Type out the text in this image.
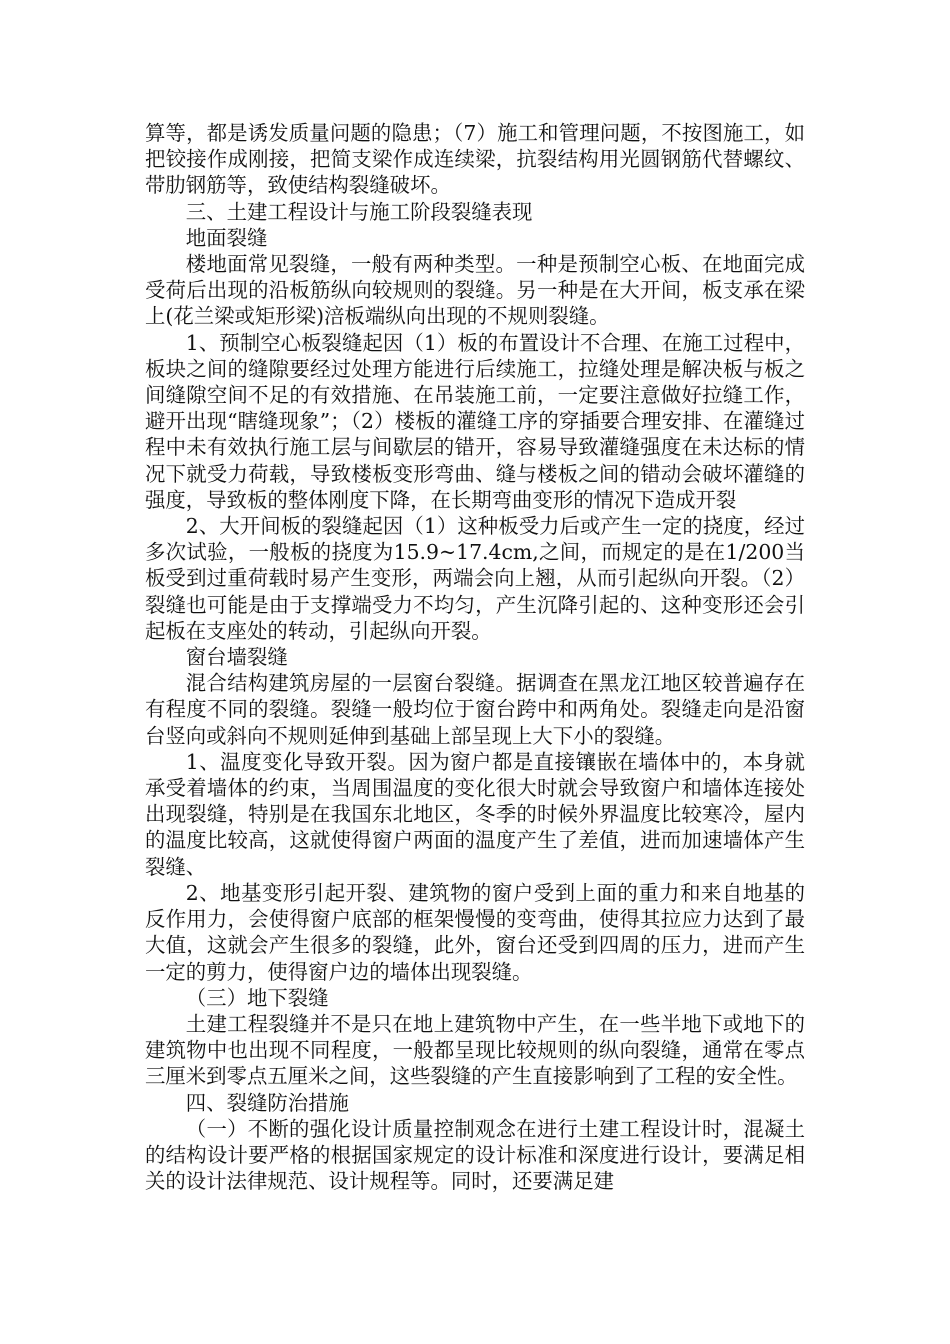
算等，都是诱发质量问题的隐患；（7）施工和管理问题，不按图施工，如把铰接作成刚接，把简支梁作成连续梁，抗裂结构用光圆钢筋代替螺纹、带肋钢筋等，致使结构裂缝破坏。

三、土建工程设计与施工阶段裂缝表现

地面裂缝

楼地面常见裂缝，一般有两种类型。一种是预制空心板、在地面完成受荷后出现的沿板筋纵向较规则的裂缝。另一种是在大开间，板支承在梁上(花兰梁或矩形梁)涪板端纵向出现的不规则裂缝。

1、预制空心板裂缝起因（1）板的布置设计不合理、在施工过程中，板块之间的缝隙要经过处理方能进行后续施工，拉缝处理是解决板与板之间缝隙空间不足的有效措施、在吊装施工前，一定要注意做好拉缝工作，避开出现“瞎缝现象”；（2）楼板的灌缝工序的穿插要合理安排、在灌缝过程中未有效执行施工层与间歇层的错开，容易导致灌缝强度在未达标的情况下就受力荷载，导致楼板变形弯曲、缝与楼板之间的错动会破坏灌缝的强度，导致板的整体刚度下降，在长期弯曲变形的情况下造成开裂

2、大开间板的裂缝起因（1）这种板受力后或产生一定的挠度，经过多次试验，一般板的挠度为15.9~17.4cm,之间，而规定的是在1/200当板受到过重荷载时易产生变形，两端会向上翘，从而引起纵向开裂。（2）裂缝也可能是由于支撑端受力不均匀，产生沉降引起的、这种变形还会引起板在支座处的转动，引起纵向开裂。

窗台墙裂缝

混合结构建筑房屋的一层窗台裂缝。据调查在黑龙江地区较普遍存在有程度不同的裂缝。裂缝一般均位于窗台跨中和两角处。裂缝走向是沿窗台竖向或斜向不规则延伸到基础上部呈现上大下小的裂缝。

1、温度变化导致开裂。因为窗户都是直接镶嵌在墙体中的，本身就承受着墙体的约束，当周围温度的变化很大时就会导致窗户和墙体连接处出现裂缝，特别是在我国东北地区，冬季的时候外界温度比较寒冷，屋内的温度比较高，这就使得窗户两面的温度产生了差值，进而加速墙体产生裂缝、

2、地基变形引起开裂、建筑物的窗户受到上面的重力和来自地基的反作用力，会使得窗户底部的框架慢慢的变弯曲，使得其拉应力达到了最大值，这就会产生很多的裂缝，此外，窗台还受到四周的压力，进而产生一定的剪力，使得窗户边的墙体出现裂缝。

（三）地下裂缝

土建工程裂缝并不是只在地上建筑物中产生，在一些半地下或地下的建筑物中也出现不同程度，一般都呈现比较规则的纵向裂缝，通常在零点三厘米到零点五厘米之间，这些裂缝的产生直接影响到了工程的安全性。

四、裂缝防治措施

（一）不断的强化设计质量控制观念在进行土建工程设计时，混凝土的结构设计要严格的根据国家规定的设计标准和深度进行设计，要满足相关的设计法律规范、设计规程等。同时，还要满足建
